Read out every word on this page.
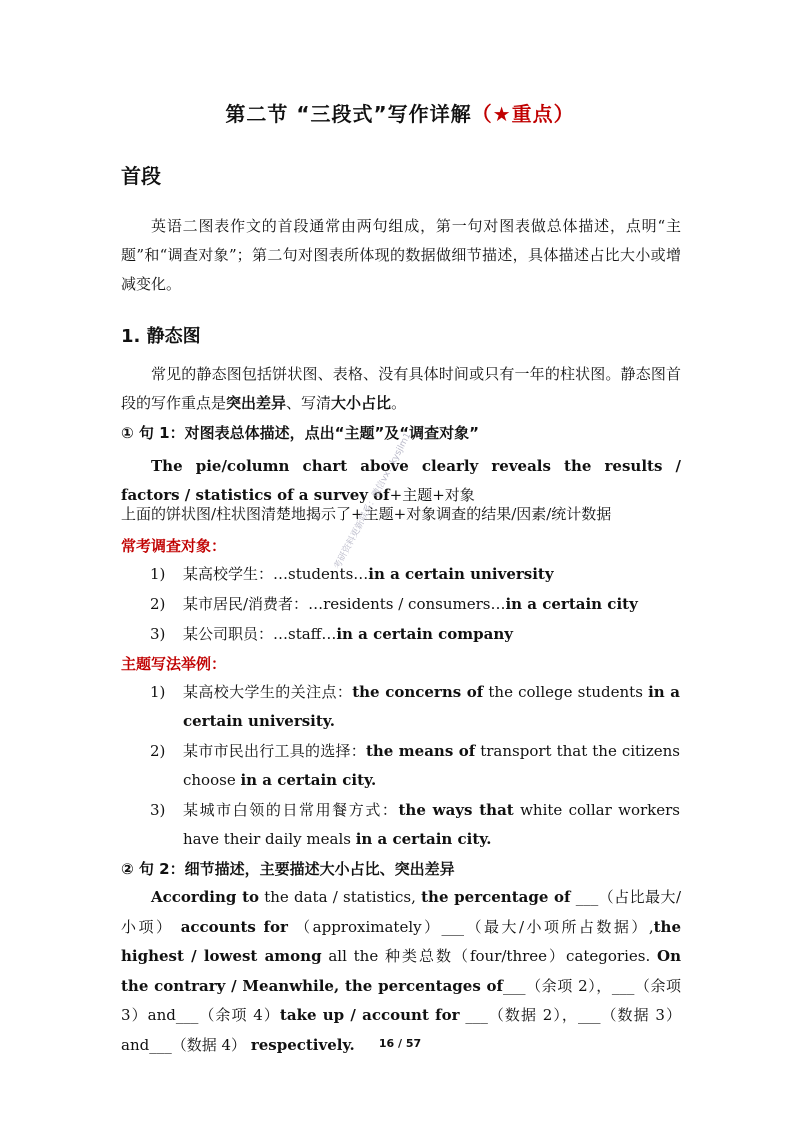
第二节 “三段式”写作详解（★重点）
首段
英语二图表作文的首段通常由两句组成，第一句对图表做总体描述，点明“主题”和“调查对象”；第二句对图表所体现的数据做细节描述，具体描述占比大小或增减变化。
1. 静态图
常见的静态图包括饼状图、表格、没有具体时间或只有一年的柱状图。静态图首段的写作重点是突出差异、写清大小占比。
① 句 1：对图表总体描述，点出“主题”及“调查对象”
The pie/column chart above clearly reveals the results / factors / statistics of a survey of+主题+对象
上面的饼状图/柱状图清楚地揭示了+主题+对象调查的结果/因素/统计数据
常考调查对象：
1)	某高校学生：…students…in a certain university
2)	某市居民/消费者：…residents / consumers…in a certain city
3)	某公司职员：…staff…in a certain company
主题写法举例：
1)	某高校大学生的关注点：the concerns of the college students in a certain university.
2)	某市市民出行工具的选择：the means of transport that the citizens choose in a certain city.
3)	某城市白领的日常用餐方式：the ways that white collar workers have their daily meals in a certain city.
② 句 2：细节描述，主要描述大小占比、突出差异
According to the data / statistics, the percentage of ___（占比最大/小项） accounts for （approximately）___（最大/小项所占数据）,the highest / lowest among all the 种类总数（four/three）categories. On the contrary / Meanwhile, the percentages of___（余项 2），___（余项 3）and___（余项 4）take up / account for ___（数据 2），___（数据 3）and___（数据 4） respectively.
考研资料更新联系：微信vx：kysjlm1
16 / 57
